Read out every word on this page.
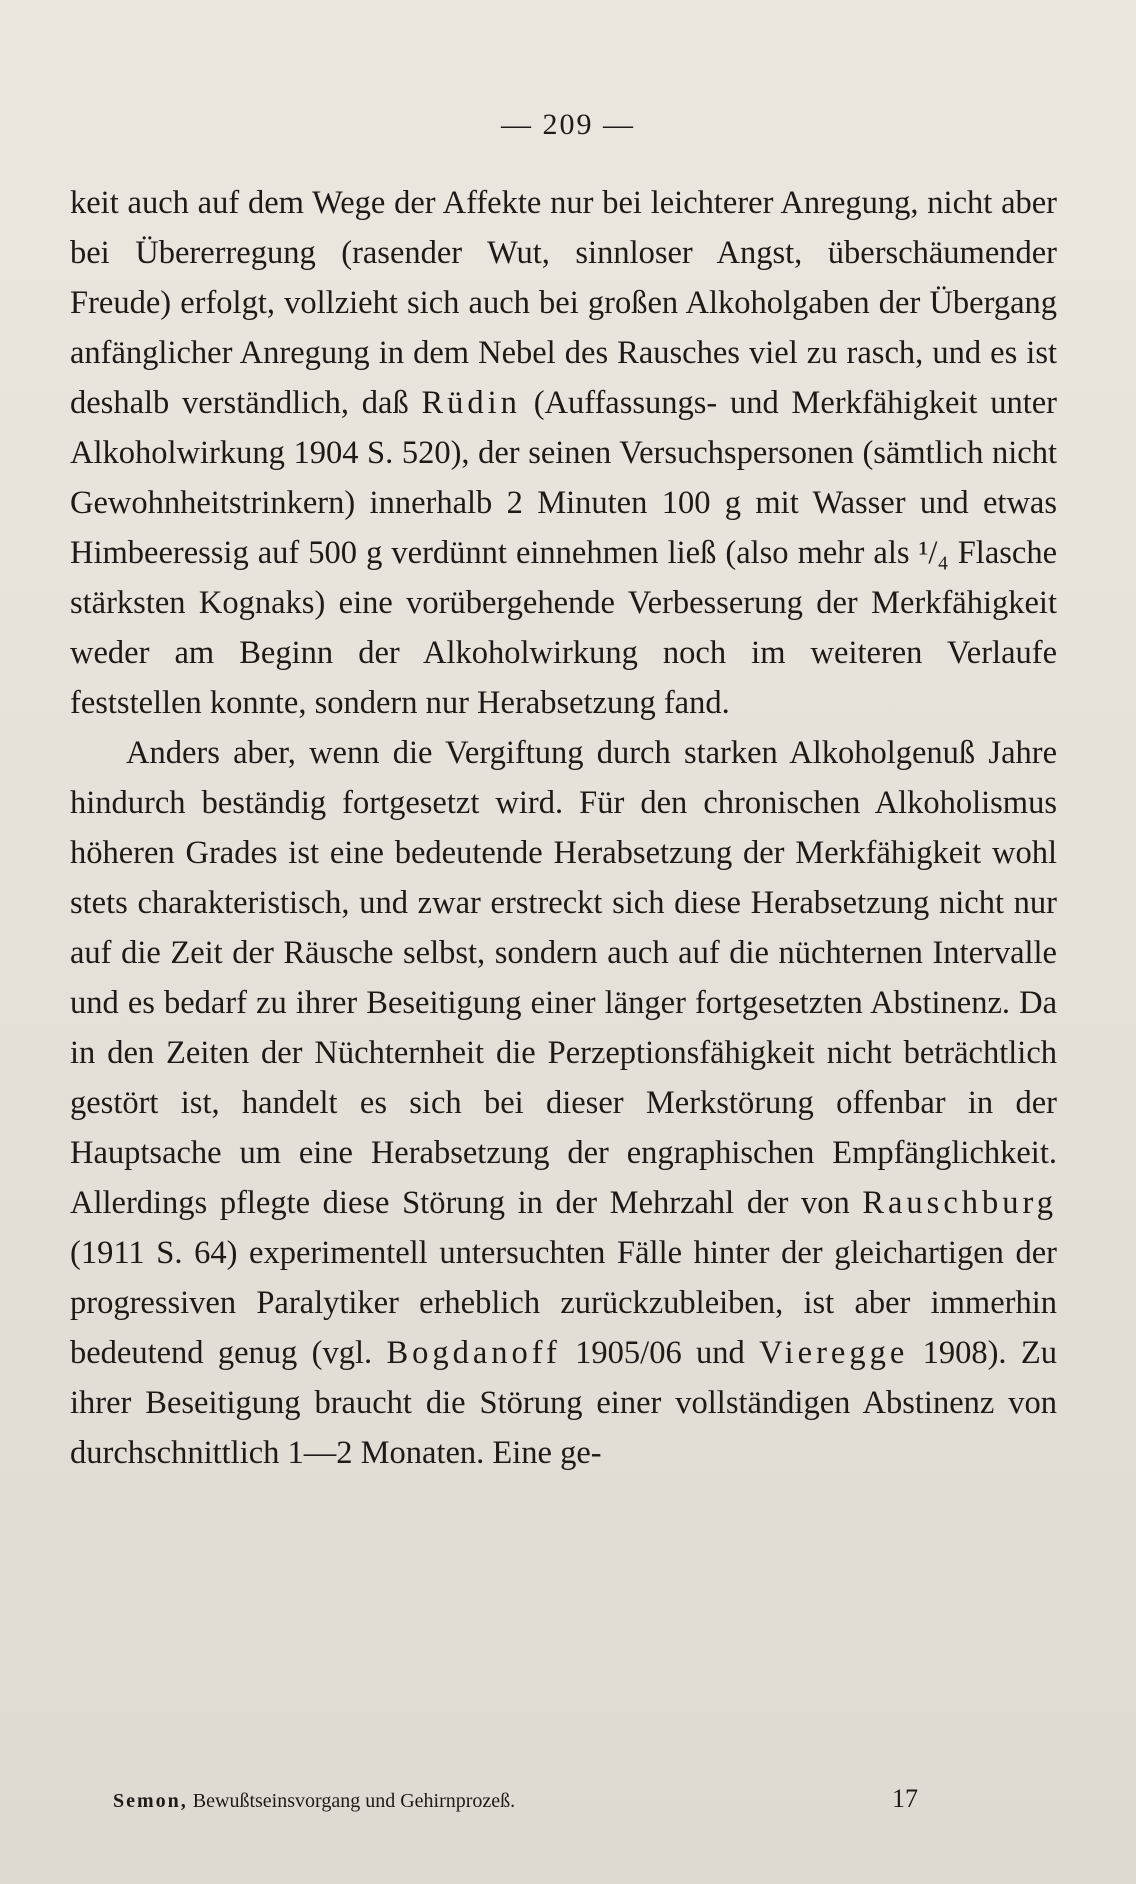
— 209 —

keit auch auf dem Wege der Affekte nur bei leichterer Anregung, nicht aber bei Übererregung (rasender Wut, sinnloser Angst, überschäumender Freude) erfolgt, vollzieht sich auch bei großen Alkoholgaben der Übergang anfänglicher Anregung in dem Nebel des Rausches viel zu rasch, und es ist deshalb verständlich, daß Rüdin (Auffassungs- und Merkfähigkeit unter Alkoholwirkung 1904 S. 520), der seinen Versuchspersonen (sämtlich nicht Gewohnheitstrinkern) innerhalb 2 Minuten 100 g mit Wasser und etwas Himbeeressig auf 500 g verdünnt einnehmen ließ (also mehr als ¹/₄ Flasche stärksten Kognaks) eine vorübergehende Verbesserung der Merkfähigkeit weder am Beginn der Alkoholwirkung noch im weiteren Verlaufe feststellen konnte, sondern nur Herabsetzung fand.

Anders aber, wenn die Vergiftung durch starken Alkoholgenuß Jahre hindurch beständig fortgesetzt wird. Für den chronischen Alkoholismus höheren Grades ist eine bedeutende Herabsetzung der Merkfähigkeit wohl stets charakteristisch, und zwar erstreckt sich diese Herabsetzung nicht nur auf die Zeit der Räusche selbst, sondern auch auf die nüchternen Intervalle und es bedarf zu ihrer Beseitigung einer länger fortgesetzten Abstinenz. Da in den Zeiten der Nüchternheit die Perzeptionsfähigkeit nicht beträchtlich gestört ist, handelt es sich bei dieser Merkstörung offenbar in der Hauptsache um eine Herabsetzung der engraphischen Empfänglichkeit. Allerdings pflegte diese Störung in der Mehrzahl der von Rauschburg (1911 S. 64) experimentell untersuchten Fälle hinter der gleichartigen der progressiven Paralytiker erheblich zurückzubleiben, ist aber immerhin bedeutend genug (vgl. Bogdanoff 1905/06 und Vieregge 1908). Zu ihrer Beseitigung braucht die Störung einer vollständigen Abstinenz von durchschnittlich 1—2 Monaten. Eine ge-

Semon, Bewußtseinsvorgang und Gehirnprozeß.	17
